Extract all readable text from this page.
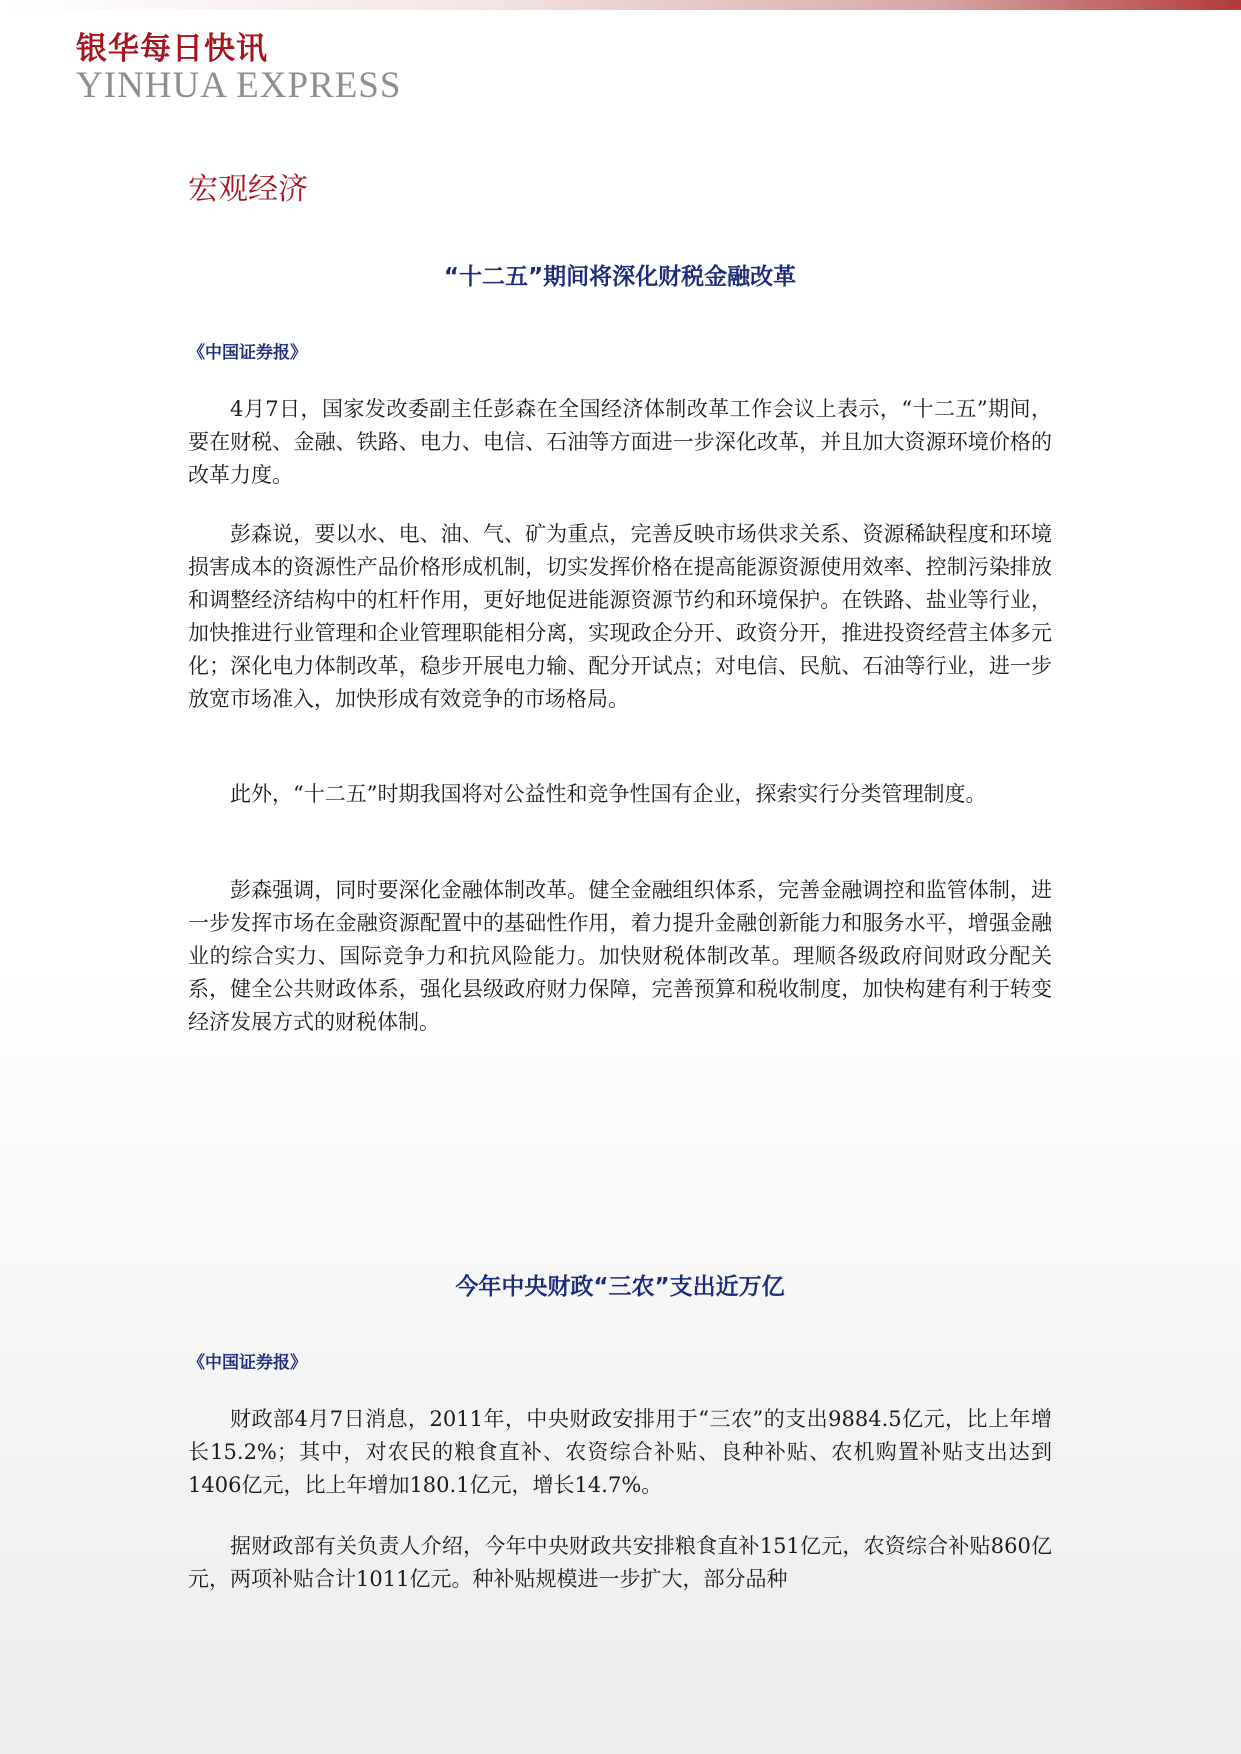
银华每日快讯
YINHUA EXPRESS
宏观经济
“十二五”期间将深化财税金融改革
《中国证券报》

4月7日，国家发改委副主任彭森在全国经济体制改革工作会议上表示，“十二五”期间，要在财税、金融、铁路、电力、电信、石油等方面进一步深化改革，并且加大资源环境价格的改革力度。

彭森说，要以水、电、油、气、矿为重点，完善反映市场供求关系、资源稀缺程度和环境损害成本的资源性产品价格形成机制，切实发挥价格在提高能源资源使用效率、控制污染排放和调整经济结构中的杠杆作用，更好地促进能源资源节约和环境保护。在铁路、盐业等行业，加快推进行业管理和企业管理职能相分离，实现政企分开、政资分开，推进投资经营主体多元化；深化电力体制改革，稳步开展电力输、配分开试点；对电信、民航、石油等行业，进一步放宽市场准入，加快形成有效竞争的市场格局。

此外，“十二五”时期我国将对公益性和竞争性国有企业，探索实行分类管理制度。

彭森强调，同时要深化金融体制改革。健全金融组织体系，完善金融调控和监管体制，进一步发挥市场在金融资源配置中的基础性作用，着力提升金融创新能力和服务水平，增强金融业的综合实力、国际竞争力和抗风险能力。加快财税体制改革。理顺各级政府间财政分配关系，健全公共财政体系，强化县级政府财力保障，完善预算和税收制度，加快构建有利于转变经济发展方式的财税体制。

今年中央财政“三农”支出近万亿
《中国证券报》

财政部4月7日消息，2011年，中央财政安排用于“三农”的支出9884.5亿元，比上年增长15.2%；其中，对农民的粮食直补、农资综合补贴、良种补贴、农机购置补贴支出达到1406亿元，比上年增加180.1亿元，增长14.7%。

据财政部有关负责人介绍，今年中央财政共安排粮食直补151亿元，农资综合补贴860亿元，两项补贴合计1011亿元。种补贴规模进一步扩大，部分品种
